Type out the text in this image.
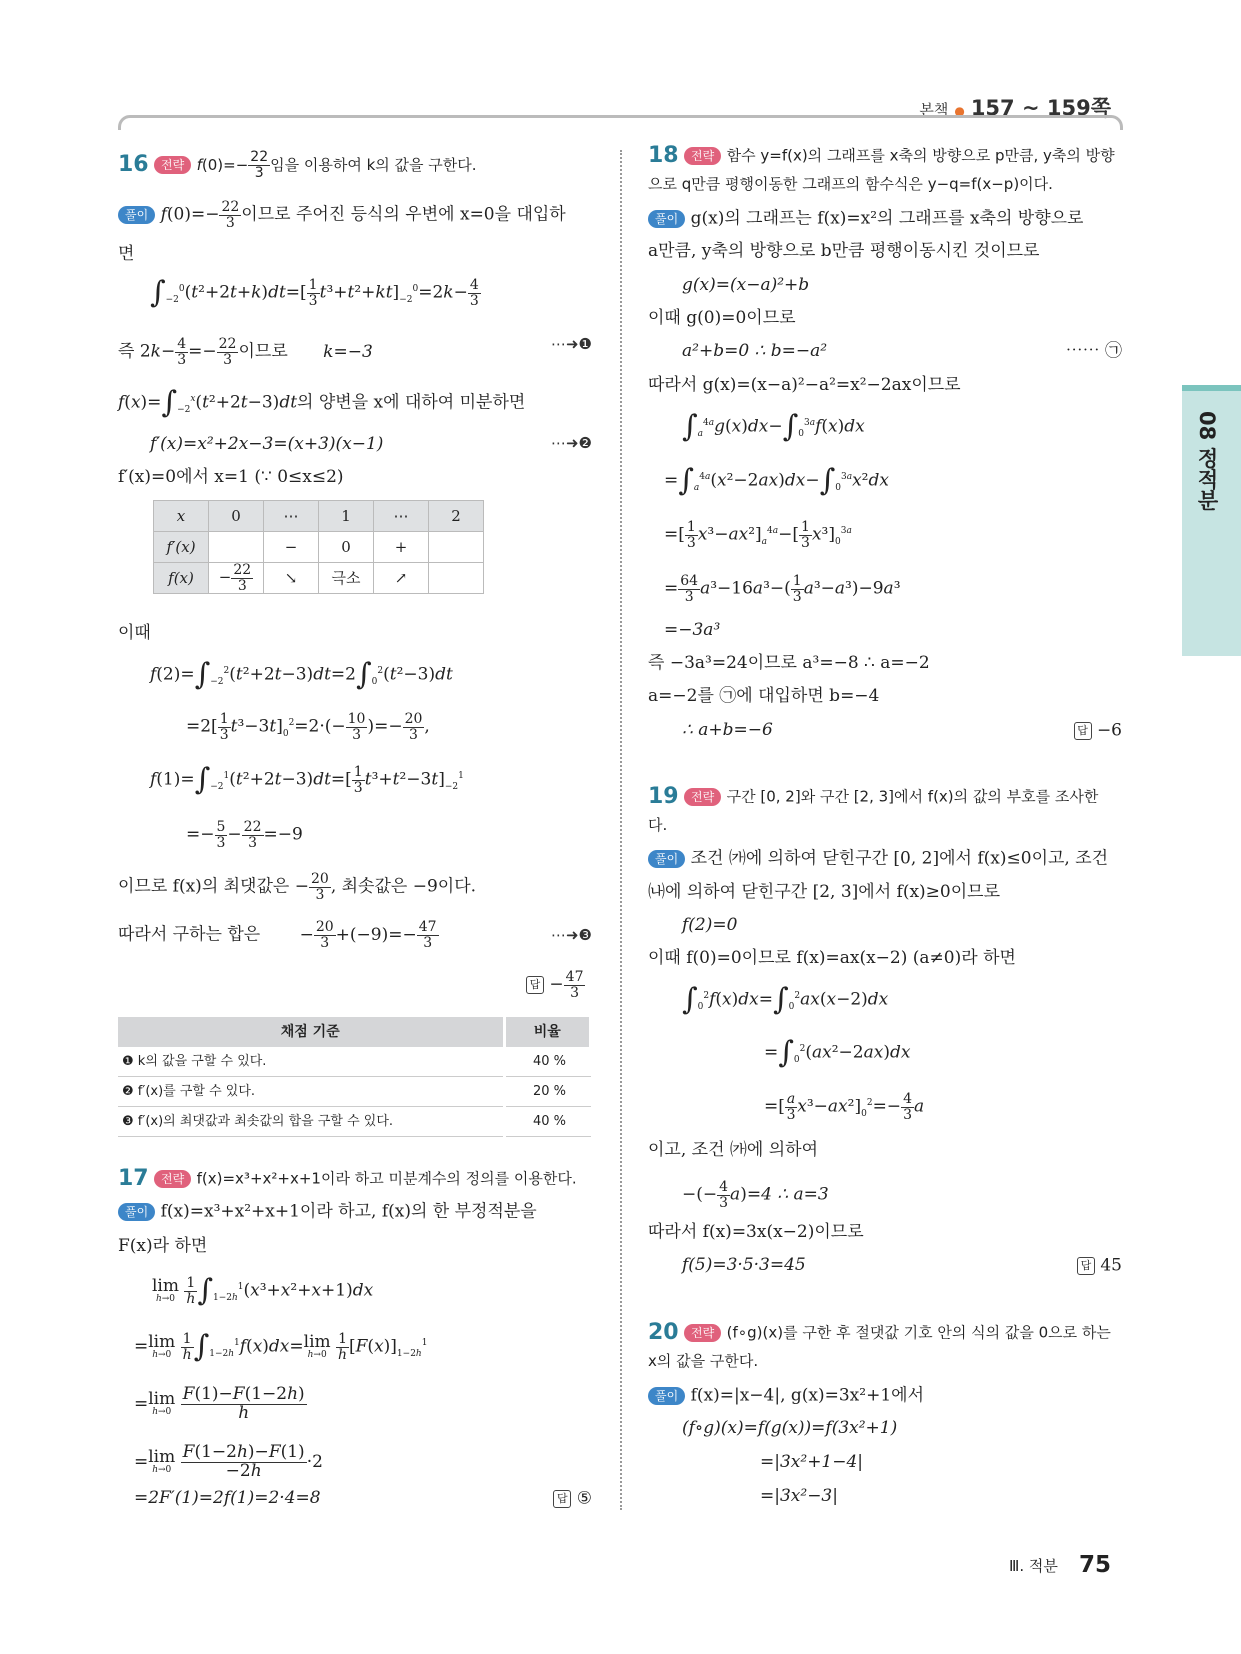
본책 ● 157 ~ 159쪽
08 정적분
16 전략 $f(0)=- \frac{22}{3}$ 임을 이용하여 k의 값을 구한다.
풀이 $f(0)=- \frac{22}{3}$ 이므로 주어진 등식의 우변에 x=0을 대입하
면
$\int_{-2}^0(t^2+2t+k)dt=[ \frac{1}{3} t^3+t^2+kt]_{-2}^0=2k- \frac{4}{3}$
즉 $2k- \frac{4}{3} =- \frac{22}{3}$ 이므로 k=−3	⋯➜❶
$f(x)=\int_{-2}^x(t^2+2t-3)dt$의 양변을 x에 대하여 미분하면
f′(x)=x²+2x−3=(x+3)(x−1)	⋯➜❷
f′(x)=0에서 x=1 (∵ 0≤x≤2)
x	0	⋯	1	⋯	2
f′(x)		−	0	+	
f(x)	− $\frac{22}{3}$	↘	극소	↗	
이때
$f(2)=\int_{-2}^2(t^2+2t-3)dt=2\int_0^2(t^2-3)dt$
$=2[ \frac{1}{3} t^3-3t]_0^2=2\cdot(- \frac{10}{3}$ )=− $\frac{20}{3}$ ,
$f(1)=\int_{-2}^1(t^2+2t-3)dt=[ \frac{1}{3} t^3+t^2-3t]_{-2}^1$
=− $\frac{5}{3} - \frac{22}{3} =-9$
이므로 f(x)의 최댓값은 − $\frac{20}{3}$ , 최솟값은 −9이다.
따라서 구하는 합은 − $\frac{20}{3} +(-9)=- \frac{47}{3}$	⋯➜❸
답 − $\frac{47}{3}$
채점 기준	비율
❶ k의 값을 구할 수 있다.	40 %
❷ f′(x)를 구할 수 있다.	20 %
❸ f′(x)의 최댓값과 최솟값의 합을 구할 수 있다.	40 %
17 전략 f(x)=x³+x²+x+1이라 하고 미분계수의 정의를 이용한다.
풀이 f(x)=x³+x²+x+1이라 하고, f(x)의 한 부정적분을
F(x)라 하면
lim
h→0
$\frac{1}{h} \int_{1-2h}^1(x^3+x^2+x+1)dx$
=lim
h→0
$\frac{1}{h} \int_{1-2h}^1f(x)dx=\lim$
h→0
$\frac{1}{h} [F(x)]_{1-2h}^1$
=lim
h→0
$\frac{F(1)-F(1-2h)}{h}$
=lim
h→0
$\frac{F(1-2h)-F(1)}{-2h} \cdot 2$
=2F′(1)=2f(1)=2·4=8	답 ⑤
18 전략 함수 y=f(x)의 그래프를 x축의 방향으로 p만큼, y축의 방향
으로 q만큼 평행이동한 그래프의 함수식은 y−q=f(x−p)이다.
풀이 g(x)의 그래프는 f(x)=x²의 그래프를 x축의 방향으로
a만큼, y축의 방향으로 b만큼 평행이동시킨 것이므로
g(x)=(x−a)²+b
이때 g(0)=0이므로
a²+b=0 ∴ b=−a²	⋯⋯ ㉠
따라서 g(x)=(x−a)²−a²=x²−2ax이므로
$\int_a^{4a}g(x)dx-\int_0^{3a}f(x)dx$
$=\int_a^{4a}(x^2-2ax)dx-\int_0^{3a}x^2dx$
=[ $\frac{1}{3} x^3-ax^2]_a^{4a}-[ \frac{1}{3} x^3]_0^{3a}$
= $\frac{64}{3} a^3-16a^3-( \frac{1}{3} a^3-a^3)-9a^3$
=−3a³
즉 −3a³=24이므로 a³=−8 ∴ a=−2
a=−2를 ㉠에 대입하면 b=−4
∴ a+b=−6	답 −6
19 전략 구간 [0, 2]와 구간 [2, 3]에서 f(x)의 값의 부호를 조사한
다.
풀이 조건 ㈎에 의하여 닫힌구간 [0, 2]에서 f(x)≤0이고, 조건
㈏에 의하여 닫힌구간 [2, 3]에서 f(x)≥0이므로
f(2)=0
이때 f(0)=0이므로 f(x)=ax(x−2) (a≠0)라 하면
$\int_0^2f(x)dx=\int_0^2ax(x-2)dx$
$=\int_0^2(ax^2-2ax)dx$
=[ $\frac{a}{3} x^3-ax^2]_0^2=- \frac{4}{3}$ a
이고, 조건 ㈎에 의하여
−(− $\frac{4}{3} a)=4$ ∴ a=3
따라서 f(x)=3x(x−2)이므로
f(5)=3·5·3=45	답 45
20 전략 (f∘g)(x)를 구한 후 절댓값 기호 안의 식의 값을 0으로 하는
x의 값을 구한다.
풀이 f(x)=|x−4|, g(x)=3x²+1에서
(f∘g)(x)=f(g(x))=f(3x²+1)
=|3x²+1−4|
=|3x²−3|
Ⅲ. 적분 75
